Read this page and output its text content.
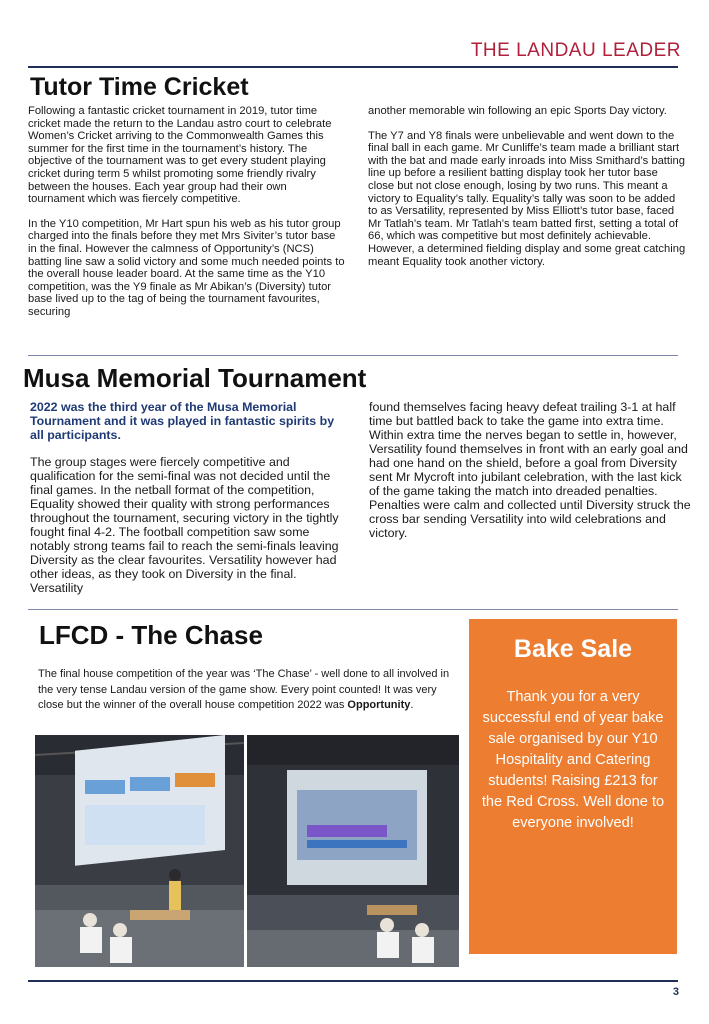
THE LANDAU LEADER
Tutor Time Cricket

Following a fantastic cricket tournament in 2019, tutor time cricket made the return to the Landau astro court to celebrate Women’s Cricket arriving to the Commonwealth Games this summer for the first time in the tournament’s history. The objective of the tournament was to get every student playing cricket during term 5 whilst promoting some friendly rivalry between the houses. Each year group had their own tournament which was fiercely competitive.

In the Y10 competition, Mr Hart spun his web as his tutor group charged into the finals before they met Mrs Siviter’s tutor base in the final. However the calmness of Opportunity’s (NCS) batting line saw a solid victory and some much needed points to the overall house leader board. At the same time as the Y10 competition, was the Y9 finale as Mr Abikan’s (Diversity) tutor base lived up to the tag of being the tournament favourites, securing

another memorable win following an epic Sports Day victory.

The Y7 and Y8 finals were unbelievable and went down to the final ball in each game. Mr Cunliffe’s team made a brilliant start with the bat and made early inroads into Miss Smithard’s batting line up before a resilient batting display took her tutor base close but not close enough, losing by two runs. This meant a victory to Equality’s tally. Equality’s tally was soon to be added to as Versatility, represented by Miss Elliott’s tutor base, faced Mr Tatlah’s team. Mr Tatlah’s team batted first, setting a total of 66, which was competitive but most definitely achievable. However, a determined fielding display and some great catching meant Equality took another victory.

Musa Memorial Tournament

2022 was the third year of the Musa Memorial Tournament and it was played in fantastic spirits by all participants.

The group stages were fiercely competitive and qualification for the semi-final was not decided until the final games. In the netball format of the competition, Equality showed their quality with strong performances throughout the tournament, securing victory in the tightly fought final 4-2. The football competition saw some notably strong teams fail to reach the semi-finals leaving Diversity as the clear favourites. Versatility however had other ideas, as they took on Diversity in the final. Versatility

found themselves facing heavy defeat trailing 3-1 at half time but battled back to take the game into extra time. Within extra time the nerves began to settle in, however, Versatility found themselves in front with an early goal and had one hand on the shield, before a goal from Diversity sent Mr Mycroft into jubilant celebration, with the last kick of the game taking the match into dreaded penalties. Penalties were calm and collected until Diversity struck the cross bar sending Versatility into wild celebrations and victory.

LFCD - The Chase
The final house competition of the year was ‘The Chase’ - well done to all involved in the very tense Landau version of the game show. Every point counted! It was very close but the winner of the overall house competition 2022 was Opportunity.
Bake Sale
Thank you for a very successful end of year bake sale organised by our Y10 Hospitality and Catering students! Raising £213 for the Red Cross. Well done to everyone involved!
3
